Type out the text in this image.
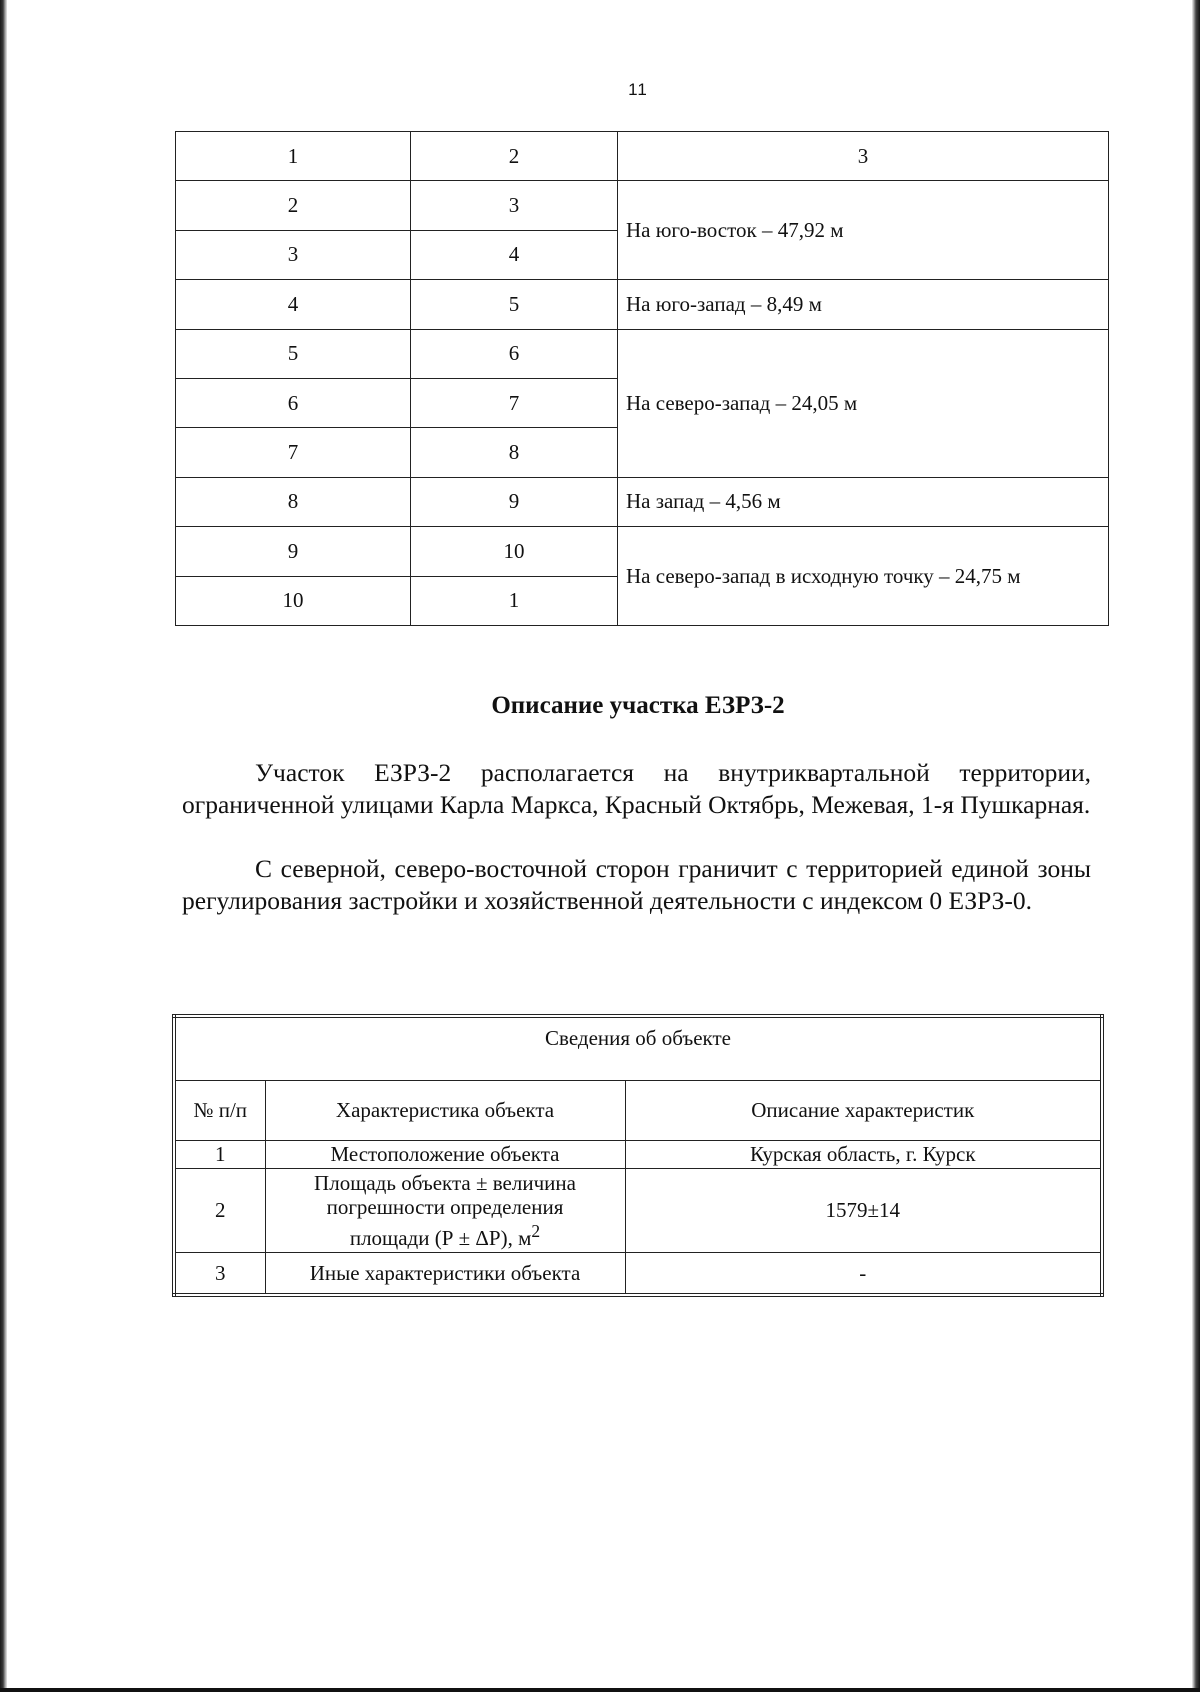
11
1	2	3
2	3	На юго-восток – 47,92 м
3	4	
4	5	На юго-запад – 8,49 м
5	6	На северо-запад – 24,05 м
6	7	
7	8	
8	9	На запад – 4,56 м
9	10	На северо-запад в исходную точку – 24,75 м
10	1	
Описание участка ЕЗРЗ-2

Участок ЕЗРЗ-2 располагается на внутриквартальной территории, ограниченной улицами Карла Маркса, Красный Октябрь, Межевая, 1-я Пушкарная.

С северной, северо-восточной сторон граничит с территорией единой зоны регулирования застройки и хозяйственной деятельности с индексом 0 ЕЗРЗ-0.

Сведения об объекте		
№ п/п	Характеристика объекта	Описание характеристик
1	Местоположение объекта	Курская область, г. Курск
2	Площадь объекта ± величина
погрешности определения
площади (Р ± ΔР), $м^2$	1579±14
3	Иные характеристики объекта	-
